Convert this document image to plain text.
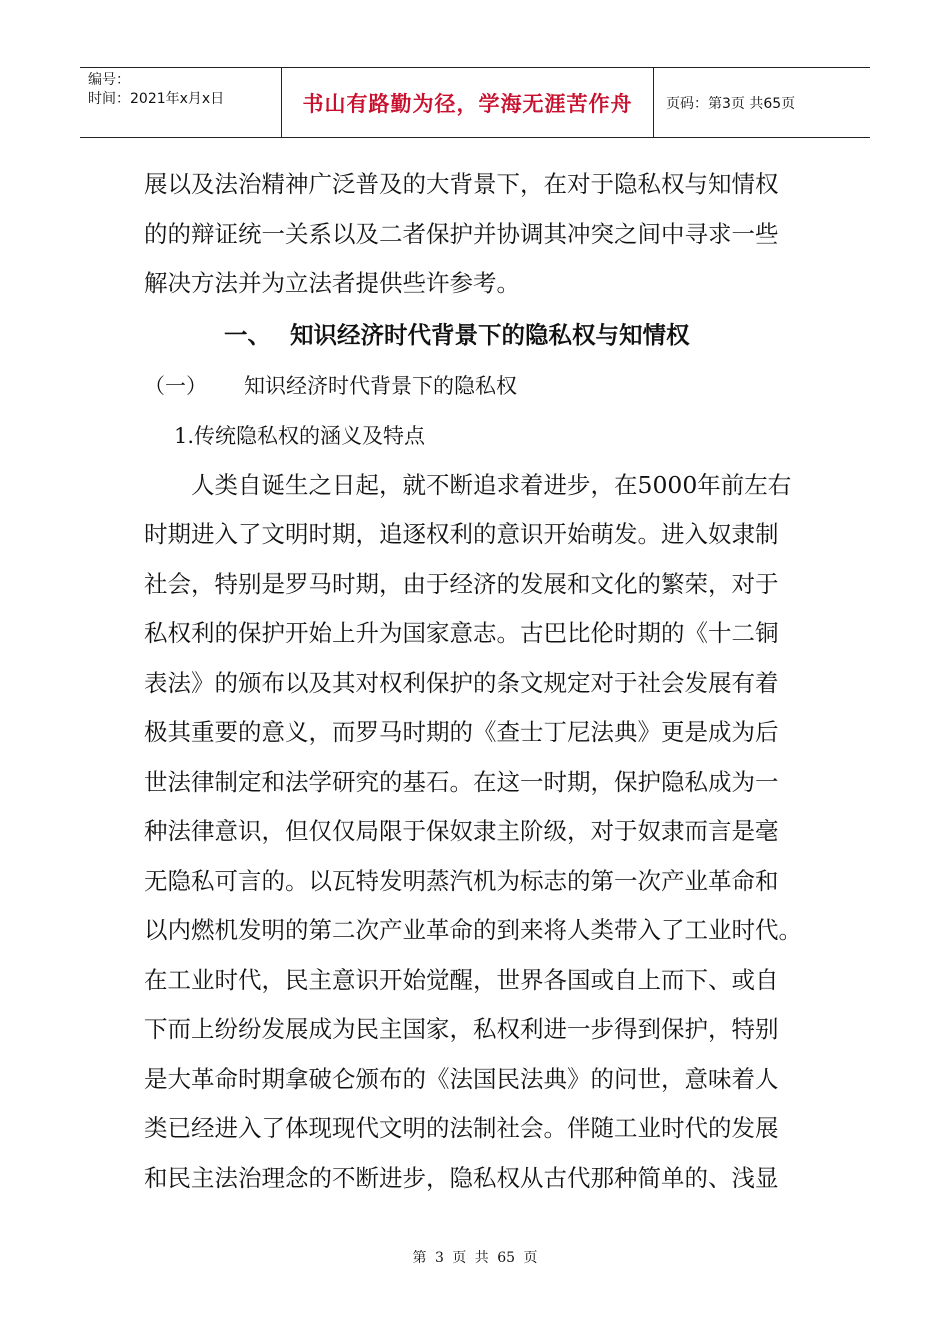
编号：
时间：2021年x月x日	书山有路勤为径，学海无涯苦作舟	页码：第3页 共65页

展以及法治精神广泛普及的大背景下，在对于隐私权与知情权

的的辩证统一关系以及二者保护并协调其冲突之间中寻求一些

解决方法并为立法者提供些许参考。

一、 知识经济时代背景下的隐私权与知情权

（一） 知识经济时代背景下的隐私权

1.传统隐私权的涵义及特点

人类自诞生之日起，就不断追求着进步，在5000年前左右

时期进入了文明时期，追逐权利的意识开始萌发。进入奴隶制

社会，特别是罗马时期，由于经济的发展和文化的繁荣，对于

私权利的保护开始上升为国家意志。古巴比伦时期的《十二铜

表法》的颁布以及其对权利保护的条文规定对于社会发展有着

极其重要的意义，而罗马时期的《查士丁尼法典》更是成为后

世法律制定和法学研究的基石。在这一时期，保护隐私成为一

种法律意识，但仅仅局限于保奴隶主阶级，对于奴隶而言是毫

无隐私可言的。以瓦特发明蒸汽机为标志的第一次产业革命和

以内燃机发明的第二次产业革命的到来将人类带入了工业时代。

在工业时代，民主意识开始觉醒，世界各国或自上而下、或自

下而上纷纷发展成为民主国家，私权利进一步得到保护，特别

是大革命时期拿破仑颁布的《法国民法典》的问世，意味着人

类已经进入了体现现代文明的法制社会。伴随工业时代的发展

和民主法治理念的不断进步，隐私权从古代那种简单的、浅显

第 3 页 共 65 页
